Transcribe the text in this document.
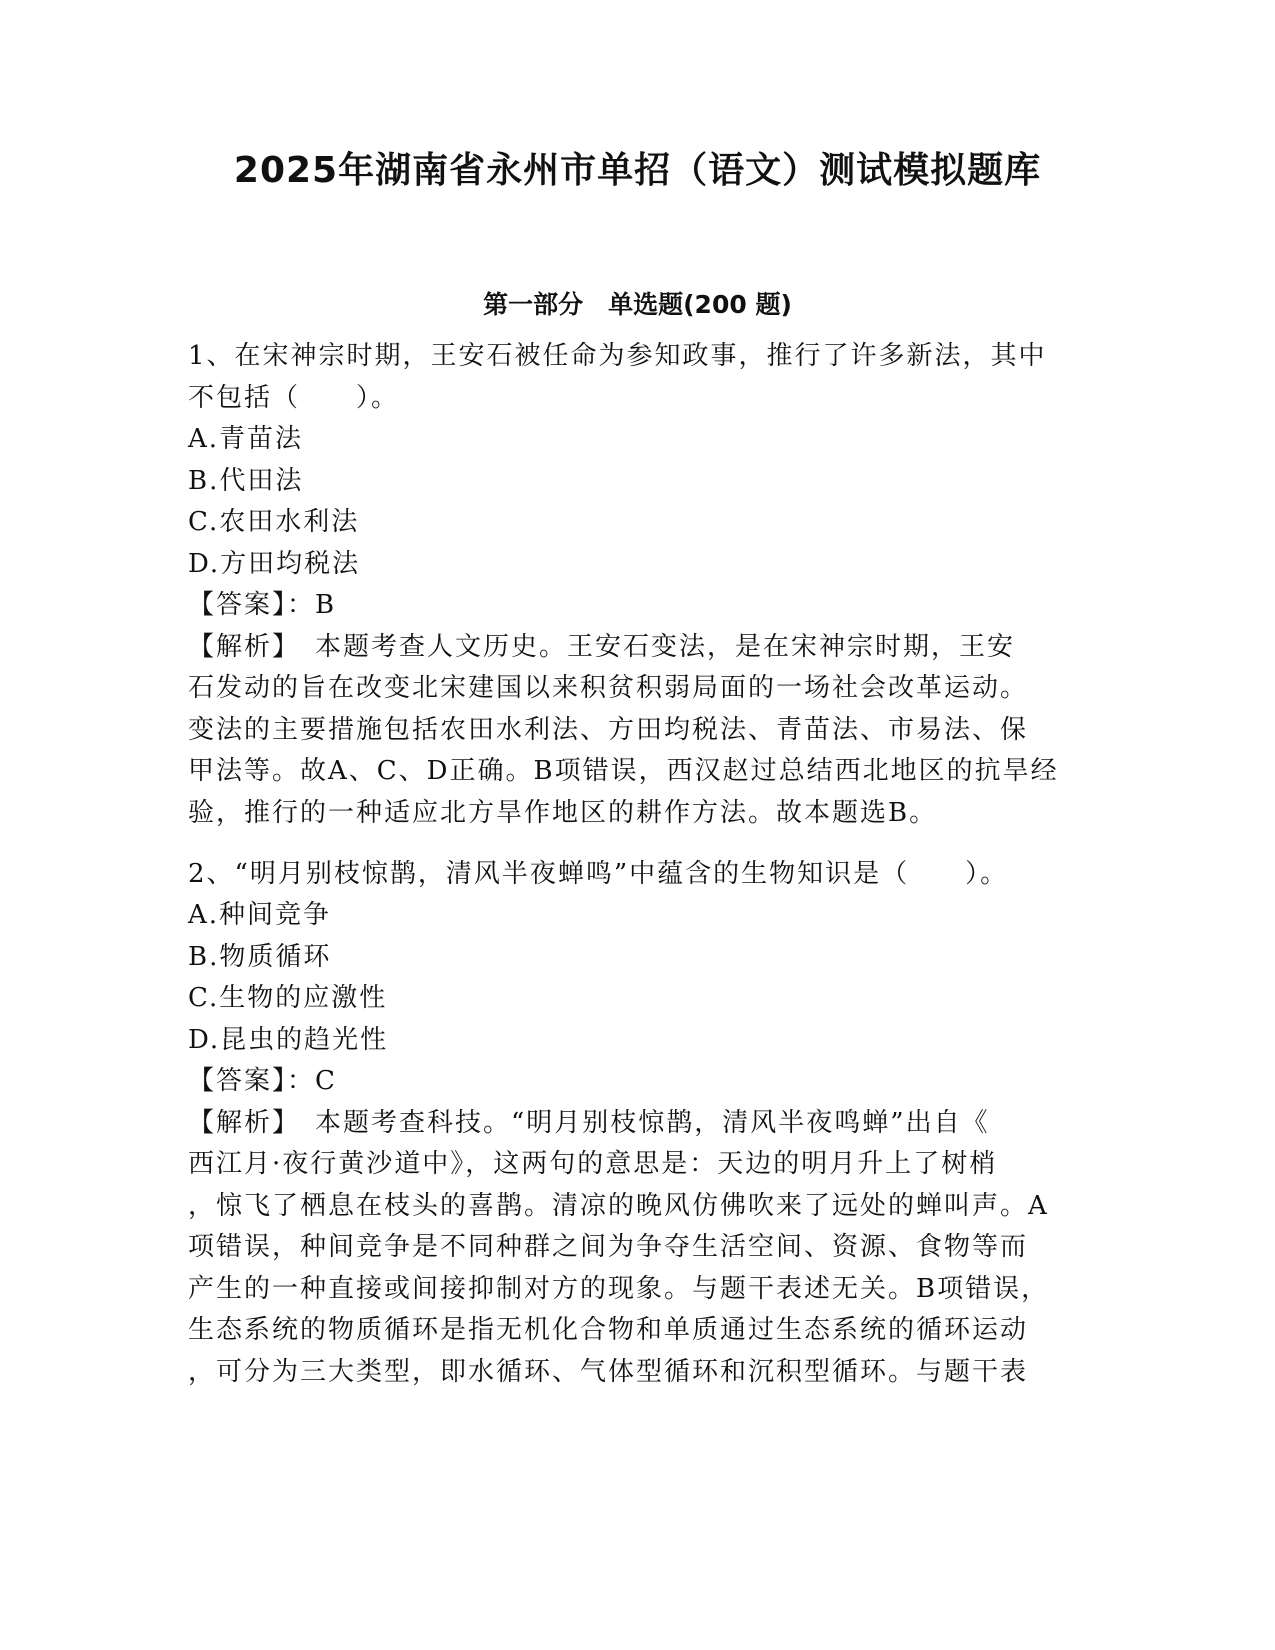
2025年湖南省永州市单招（语文）测试模拟题库
第一部分　单选题(200 题)
1、在宋神宗时期，王安石被任命为参知政事，推行了许多新法，其中
不包括（　　）。
A.青苗法
B.代田法
C.农田水利法
D.方田均税法
【答案】：B
【解析】　本题考查人文历史。王安石变法，是在宋神宗时期，王安
石发动的旨在改变北宋建国以来积贫积弱局面的一场社会改革运动。
变法的主要措施包括农田水利法、方田均税法、青苗法、市易法、保
甲法等。故A、C、D正确。B项错误，西汉赵过总结西北地区的抗旱经
验，推行的一种适应北方旱作地区的耕作方法。故本题选B。
2、“明月别枝惊鹊，清风半夜蝉鸣”中蕴含的生物知识是（　　）。
A.种间竞争
B.物质循环
C.生物的应激性
D.昆虫的趋光性
【答案】：C
【解析】　本题考查科技。“明月别枝惊鹊，清风半夜鸣蝉”出自《
西江月·夜行黄沙道中》，这两句的意思是：天边的明月升上了树梢
，惊飞了栖息在枝头的喜鹊。清凉的晚风仿佛吹来了远处的蝉叫声。A
项错误，种间竞争是不同种群之间为争夺生活空间、资源、食物等而
产生的一种直接或间接抑制对方的现象。与题干表述无关。B项错误，
生态系统的物质循环是指无机化合物和单质通过生态系统的循环运动
，可分为三大类型，即水循环、气体型循环和沉积型循环。与题干表
